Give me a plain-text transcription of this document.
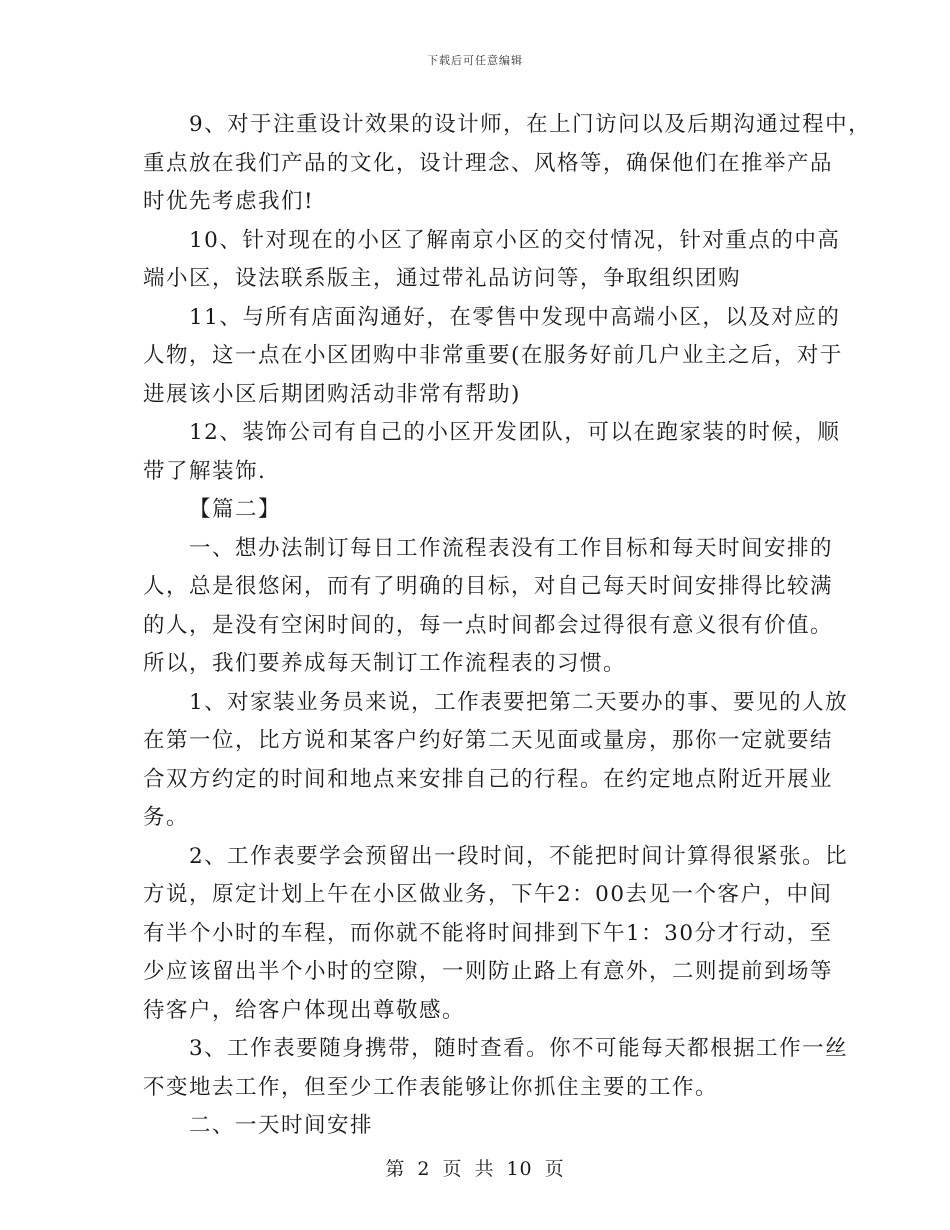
下载后可任意编辑

9、对于注重设计效果的设计师，在上门访问以及后期沟通过程中，
重点放在我们产品的文化，设计理念、风格等，确保他们在推举产品
时优先考虑我们!

10、针对现在的小区了解南京小区的交付情况，针对重点的中高
端小区，设法联系版主，通过带礼品访问等，争取组织团购

11、与所有店面沟通好，在零售中发现中高端小区，以及对应的
人物，这一点在小区团购中非常重要(在服务好前几户业主之后，对于
进展该小区后期团购活动非常有帮助)

12、装饰公司有自己的小区开发团队，可以在跑家装的时候，顺
带了解装饰.

【篇二】

一、想办法制订每日工作流程表没有工作目标和每天时间安排的
人，总是很悠闲，而有了明确的目标，对自己每天时间安排得比较满
的人，是没有空闲时间的，每一点时间都会过得很有意义很有价值。
所以，我们要养成每天制订工作流程表的习惯。

1、对家装业务员来说，工作表要把第二天要办的事、要见的人放
在第一位，比方说和某客户约好第二天见面或量房，那你一定就要结
合双方约定的时间和地点来安排自己的行程。在约定地点附近开展业
务。

2、工作表要学会预留出一段时间，不能把时间计算得很紧张。比
方说，原定计划上午在小区做业务，下午2：00去见一个客户，中间
有半个小时的车程，而你就不能将时间排到下午1：30分才行动，至
少应该留出半个小时的空隙，一则防止路上有意外，二则提前到场等
待客户，给客户体现出尊敬感。

3、工作表要随身携带，随时查看。你不可能每天都根据工作一丝
不变地去工作，但至少工作表能够让你抓住主要的工作。

二、一天时间安排

第 2 页 共 10 页
